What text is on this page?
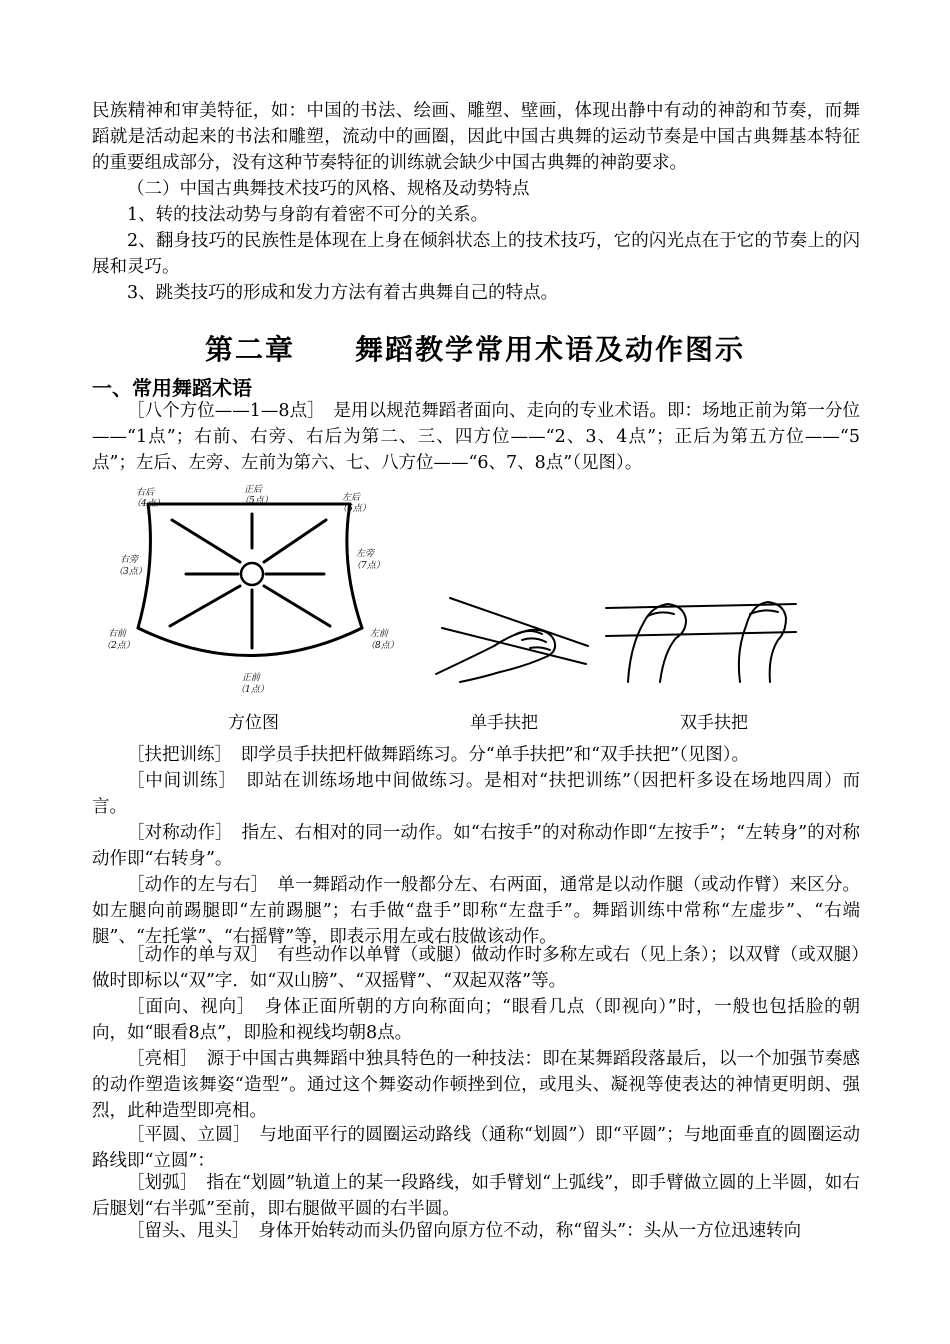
民族精神和审美特征，如：中国的书法、绘画、雕塑、壁画，体现出静中有动的神韵和节奏，而舞蹈就是活动起来的书法和雕塑，流动中的画圈，因此中国古典舞的运动节奏是中国古典舞基本特征的重要组成部分，没有这种节奏特征的训练就会缺少中国古典舞的神韵要求。

（二）中国古典舞技术技巧的风格、规格及动势特点

1、转的技法动势与身韵有着密不可分的关系。

2、翻身技巧的民族性是体现在上身在倾斜状态上的技术技巧，它的闪光点在于它的节奏上的闪展和灵巧。

3、跳类技巧的形成和发力方法有着古典舞自己的特点。

第二章　　舞蹈教学常用术语及动作图示
一、常用舞蹈术语

［八个方位——1—8点］　是用以规范舞蹈者面向、走向的专业术语。即：场地正前为第一分位——“1点”；右前、右旁、右后为第二、三、四方位——“2、3、4点”；正后为第五方位——“5点”；左后、左旁、左前为第六、七、八方位——“6、7、8点”（见图）。

右后
（4点）
正后
（5点）	左后
（6点）
右旁
（3点）
左旁
（7点）
右前
（2点）
左前
（8点）
正前
（1点）
方位图	单手扶把	双手扶把

［扶把训练］　即学员手扶把杆做舞蹈练习。分“单手扶把”和“双手扶把”（见图）。

［中间训练］　即站在训练场地中间做练习。是相对“扶把训练”（因把杆多设在场地四周）而言。

［对称动作］　指左、右相对的同一动作。如“右按手”的对称动作即“左按手”；“左转身”的对称动作即“右转身”。

［动作的左与右］　单一舞蹈动作一般都分左、右两面，通常是以动作腿（或动作臂）来区分。如左腿向前踢腿即“左前踢腿”；右手做“盘手”即称“左盘手”。舞蹈训练中常称“左虚步”、“右端腿”、“左托掌”、“右摇臂”等，即表示用左或右肢做该动作。

［动作的单与双］　有些动作以单臂（或腿）做动作时多称左或右（见上条）；以双臂（或双腿）做时即标以“双”字．如“双山膀”、“双摇臂”、“双起双落”等。

［面向、视向］　身体正面所朝的方向称面向；“眼看几点（即视向）”时，一般也包括脸的朝向，如“眼看8点”，即脸和视线均朝8点。

［亮相］　源于中国古典舞蹈中独具特色的一种技法：即在某舞蹈段落最后，以一个加强节奏感的动作塑造该舞姿“造型”。通过这个舞姿动作顿挫到位，或甩头、凝视等使表达的神情更明朗、强烈，此种造型即亮相。

［平圆、立圆］　与地面平行的圆圈运动路线（通称“划圆”）即“平圆”；与地面垂直的圆圈运动路线即“立圆”：

［划弧］　指在“划圆”轨道上的某一段路线，如手臂划“上弧线”，即手臂做立圆的上半圆，如右后腿划“右半弧”至前，即右腿做平圆的右半圆。

［留头、甩头］　身体开始转动而头仍留向原方位不动，称“留头”：头从一方位迅速转向
